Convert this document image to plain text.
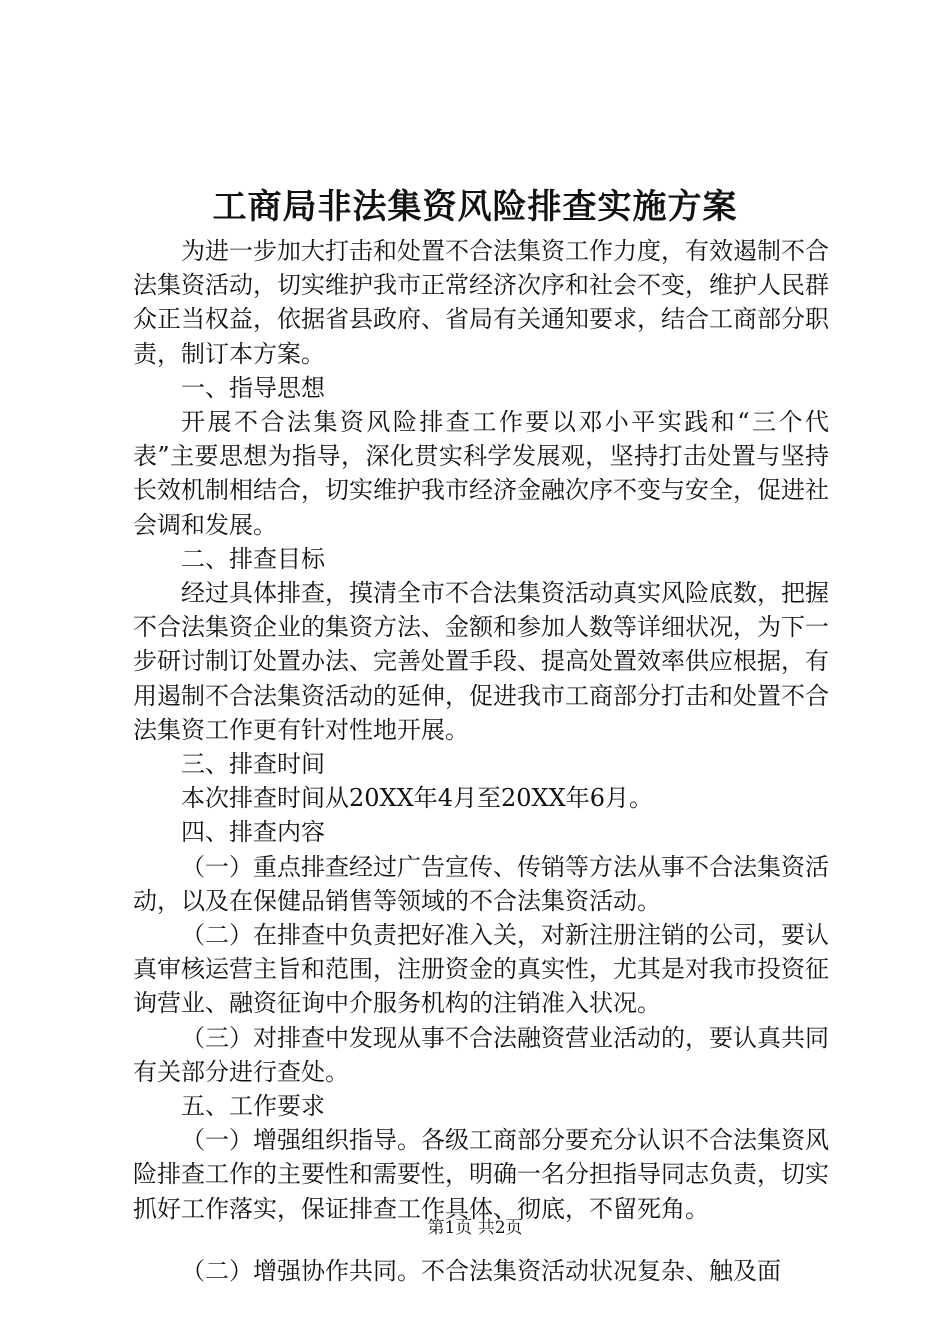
工商局非法集资风险排查实施方案

为进一步加大打击和处置不合法集资工作力度，有效遏制不合法集资活动，切实维护我市正常经济次序和社会不变，维护人民群众正当权益，依据省县政府、省局有关通知要求，结合工商部分职责，制订本方案。

一、指导思想

开展不合法集资风险排查工作要以邓小平实践和“三个代表”主要思想为指导，深化贯实科学发展观，坚持打击处置与坚持长效机制相结合，切实维护我市经济金融次序不变与安全，促进社会调和发展。

二、排查目标

经过具体排查，摸清全市不合法集资活动真实风险底数，把握不合法集资企业的集资方法、金额和参加人数等详细状况，为下一步研讨制订处置办法、完善处置手段、提高处置效率供应根据，有用遏制不合法集资活动的延伸，促进我市工商部分打击和处置不合法集资工作更有针对性地开展。

三、排查时间

本次排查时间从20XX年4月至20XX年6月。

四、排查内容

（一）重点排查经过广告宣传、传销等方法从事不合法集资活动，以及在保健品销售等领域的不合法集资活动。

（二）在排查中负责把好准入关，对新注册注销的公司，要认真审核运营主旨和范围，注册资金的真实性，尤其是对我市投资征询营业、融资征询中介服务机构的注销准入状况。

（三）对排查中发现从事不合法融资营业活动的，要认真共同有关部分进行查处。

五、工作要求

（一）增强组织指导。各级工商部分要充分认识不合法集资风险排查工作的主要性和需要性，明确一名分担指导同志负责，切实抓好工作落实，保证排查工作具体、彻底，不留死角。

（二）增强协作共同。不合法集资活动状况复杂、触及面

第1页 共2页
